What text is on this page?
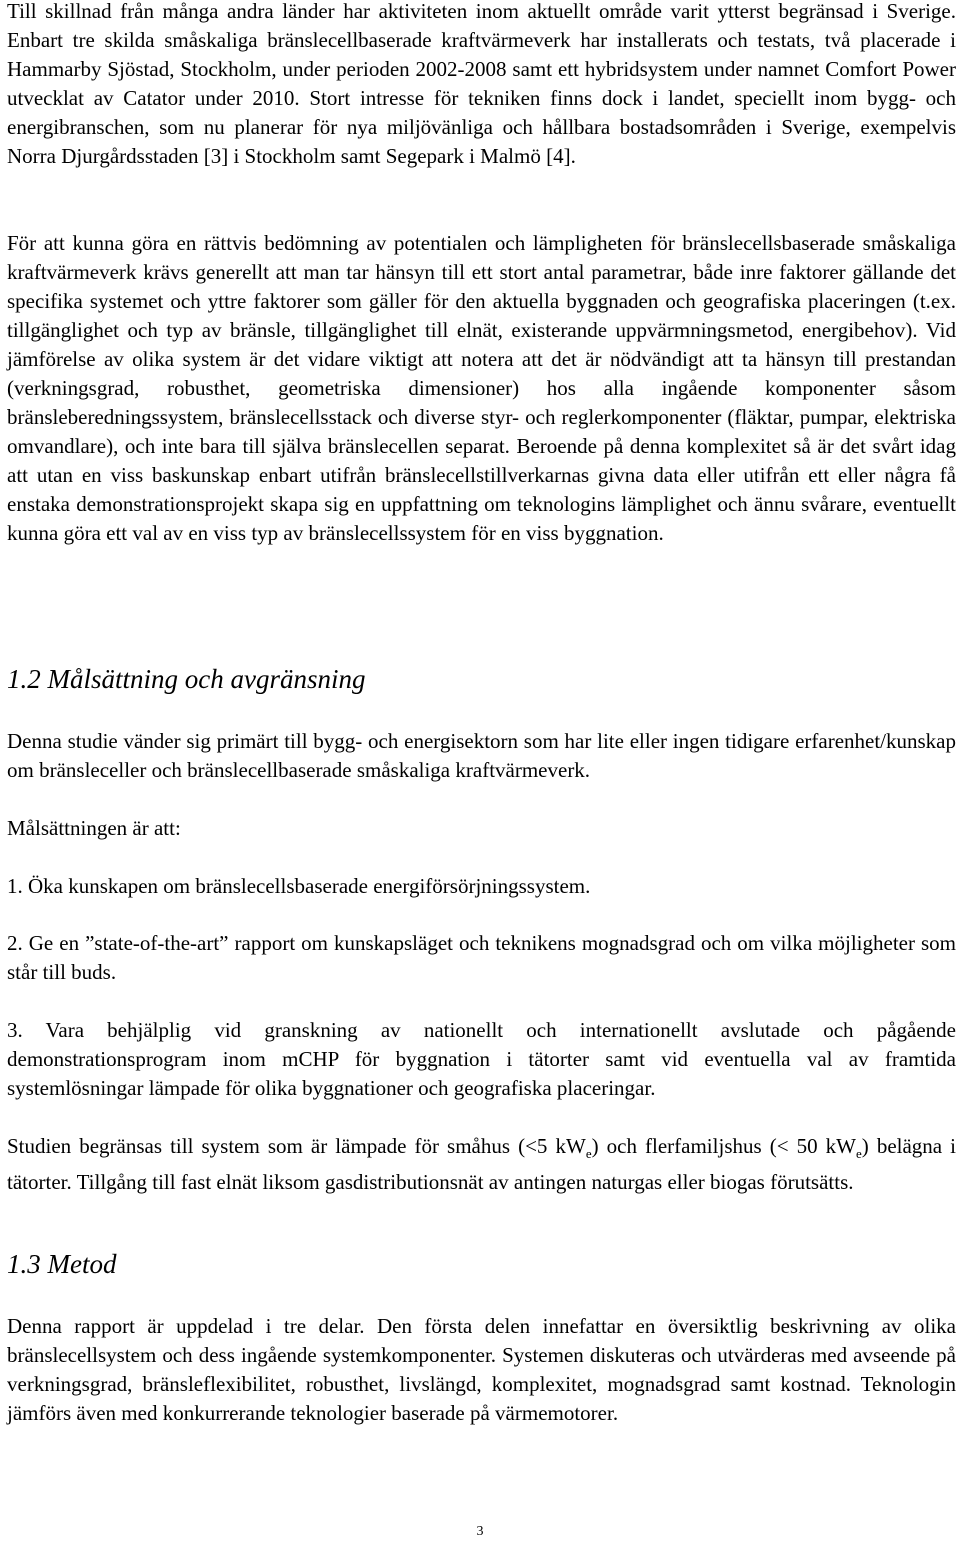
Till skillnad från många andra länder har aktiviteten inom aktuellt område varit ytterst begränsad i Sverige. Enbart tre skilda småskaliga bränslecellbaserade kraftvärmeverk har installerats och testats, två placerade i Hammarby Sjöstad, Stockholm, under perioden 2002-2008 samt ett hybridsystem under namnet Comfort Power utvecklat av Catator under 2010. Stort intresse för tekniken finns dock i landet, speciellt inom bygg- och energibranschen, som nu planerar för nya miljövänliga och hållbara bostadsområden i Sverige, exempelvis Norra Djurgårdsstaden [3] i Stockholm samt Segepark i Malmö [4].

För att kunna göra en rättvis bedömning av potentialen och lämpligheten för bränslecellsbaserade småskaliga kraftvärmeverk krävs generellt att man tar hänsyn till ett stort antal parametrar, både inre faktorer gällande det specifika systemet och yttre faktorer som gäller för den aktuella byggnaden och geografiska placeringen (t.ex. tillgänglighet och typ av bränsle, tillgänglighet till elnät, existerande uppvärmningsmetod, energibehov). Vid jämförelse av olika system är det vidare viktigt att notera att det är nödvändigt att ta hänsyn till prestandan (verkningsgrad, robusthet, geometriska dimensioner) hos alla ingående komponenter såsom bränsleberedningssystem, bränslecellsstack och diverse styr- och reglerkomponenter (fläktar, pumpar, elektriska omvandlare), och inte bara till själva bränslecellen separat. Beroende på denna komplexitet så är det svårt idag att utan en viss baskunskap enbart utifrån bränslecellstillverkarnas givna data eller utifrån ett eller några få enstaka demonstrationsprojekt skapa sig en uppfattning om teknologins lämplighet och ännu svårare, eventuellt kunna göra ett val av en viss typ av bränslecellssystem för en viss byggnation.

1.2 Målsättning och avgränsning

Denna studie vänder sig primärt till bygg- och energisektorn som har lite eller ingen tidigare erfarenhet/kunskap om bränsleceller och bränslecellbaserade småskaliga kraftvärmeverk.

Målsättningen är att:

1. Öka kunskapen om bränslecellsbaserade energiförsörjningssystem.

2. Ge en ”state-of-the-art” rapport om kunskapsläget och teknikens mognadsgrad och om vilka möjligheter som står till buds.

3. Vara behjälplig vid granskning av nationellt och internationellt avslutade och pågående demonstrationsprogram inom mCHP för byggnation i tätorter samt vid eventuella val av framtida systemlösningar lämpade för olika byggnationer och geografiska placeringar.

Studien begränsas till system som är lämpade för småhus (<5 $kW_e$) och flerfamiljshus (< 50 $kW_e$) belägna i tätorter. Tillgång till fast elnät liksom gasdistributionsnät av antingen naturgas eller biogas förutsätts.

1.3 Metod

Denna rapport är uppdelad i tre delar. Den första delen innefattar en översiktlig beskrivning av olika bränslecellsystem och dess ingående systemkomponenter. Systemen diskuteras och utvärderas med avseende på verkningsgrad, bränsleflexibilitet, robusthet, livslängd, komplexitet, mognadsgrad samt kostnad. Teknologin jämförs även med konkurrerande teknologier baserade på värmemotorer.

3
